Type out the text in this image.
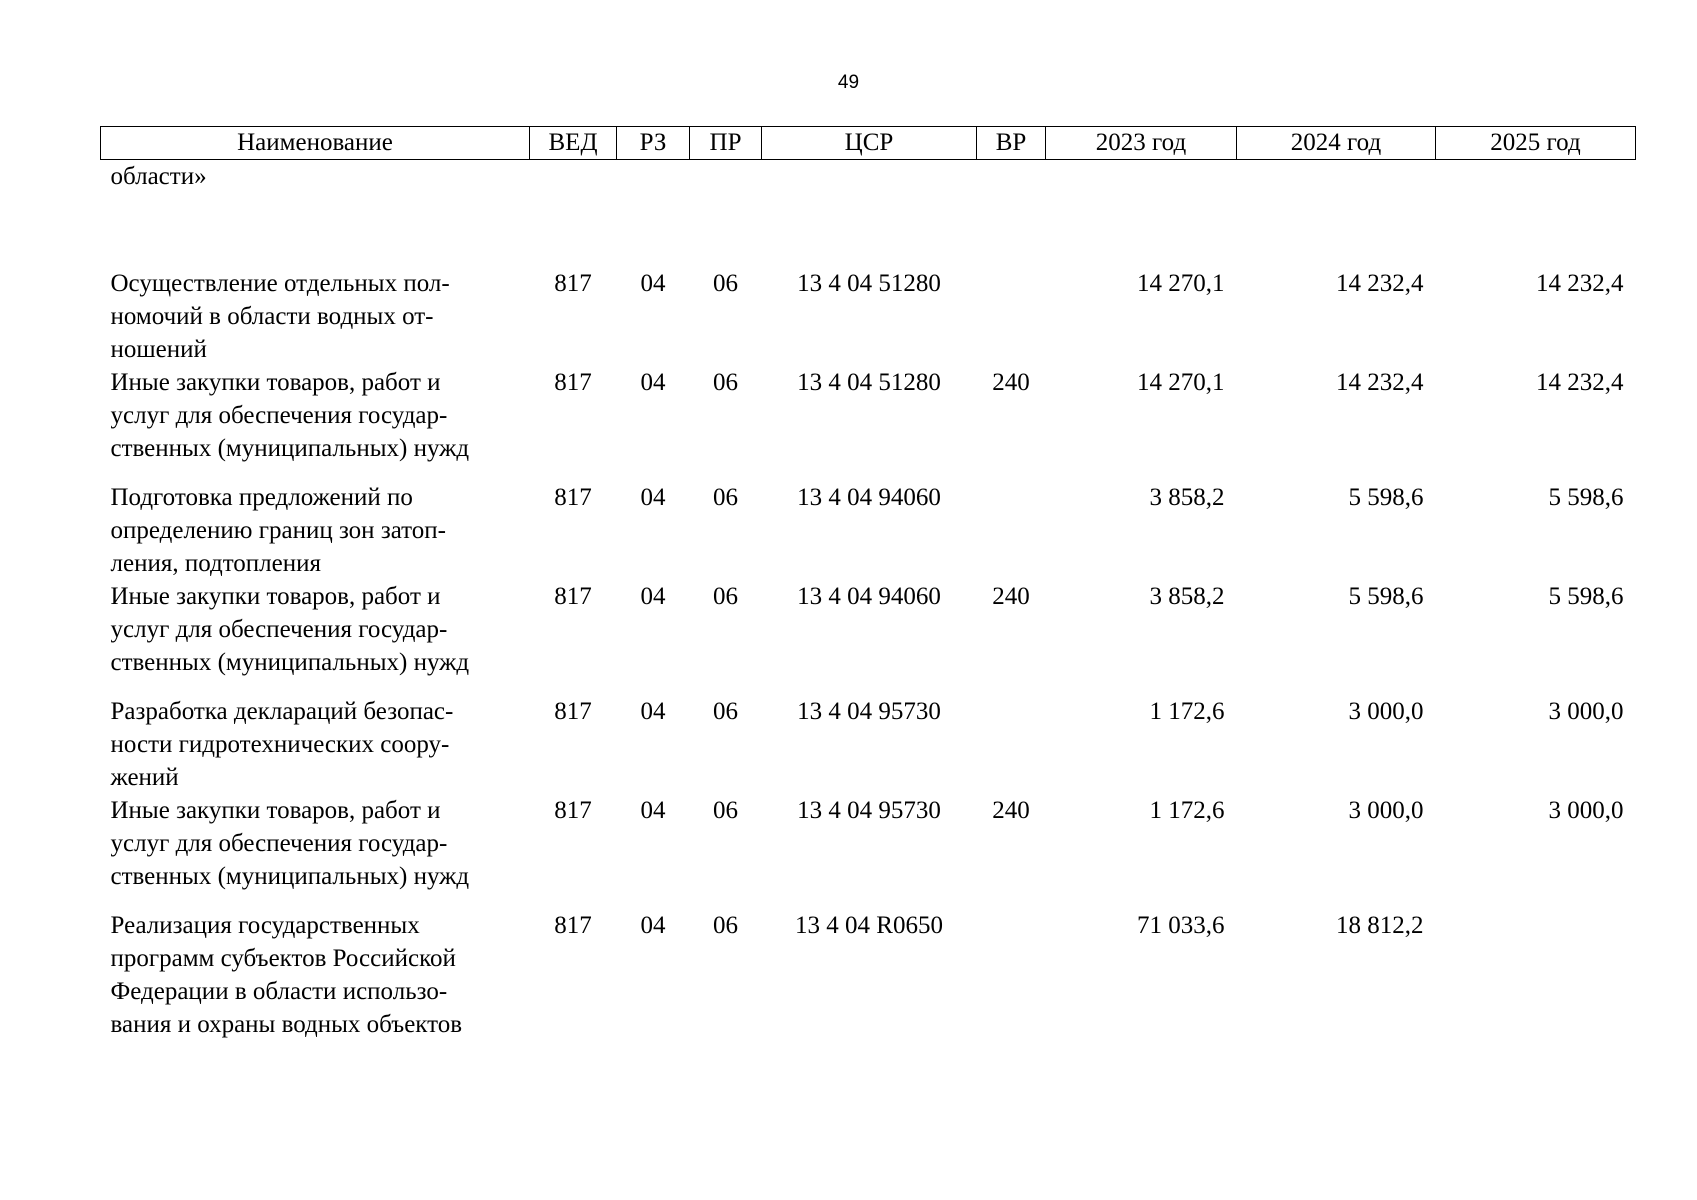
49
Наименование	ВЕД	РЗ	ПР	ЦСР	ВР	2023 год	2024 год	2025 год
области»								

Осуществление отдельных пол-
номочий в области водных от-
ношений	817	04	06	13 4 04 51280		14 270,1	14 232,4	14 232,4

Иные закупки товаров, работ и
услуг для обеспечения государ-
ственных (муниципальных) нужд	817	04	06	13 4 04 51280	240	14 270,1	14 232,4	14 232,4

Подготовка предложений по
определению границ зон затоп-
ления, подтопления	817	04	06	13 4 04 94060		3 858,2	5 598,6	5 598,6

Иные закупки товаров, работ и
услуг для обеспечения государ-
ственных (муниципальных) нужд	817	04	06	13 4 04 94060	240	3 858,2	5 598,6	5 598,6

Разработка деклараций безопас-
ности гидротехнических соору-
жений	817	04	06	13 4 04 95730		1 172,6	3 000,0	3 000,0

Иные закупки товаров, работ и
услуг для обеспечения государ-
ственных (муниципальных) нужд	817	04	06	13 4 04 95730	240	1 172,6	3 000,0	3 000,0

Реализация государственных
программ субъектов Российской
Федерации в области использо-
вания и охраны водных объектов	817	04	06	13 4 04 R0650		71 033,6	18 812,2	
